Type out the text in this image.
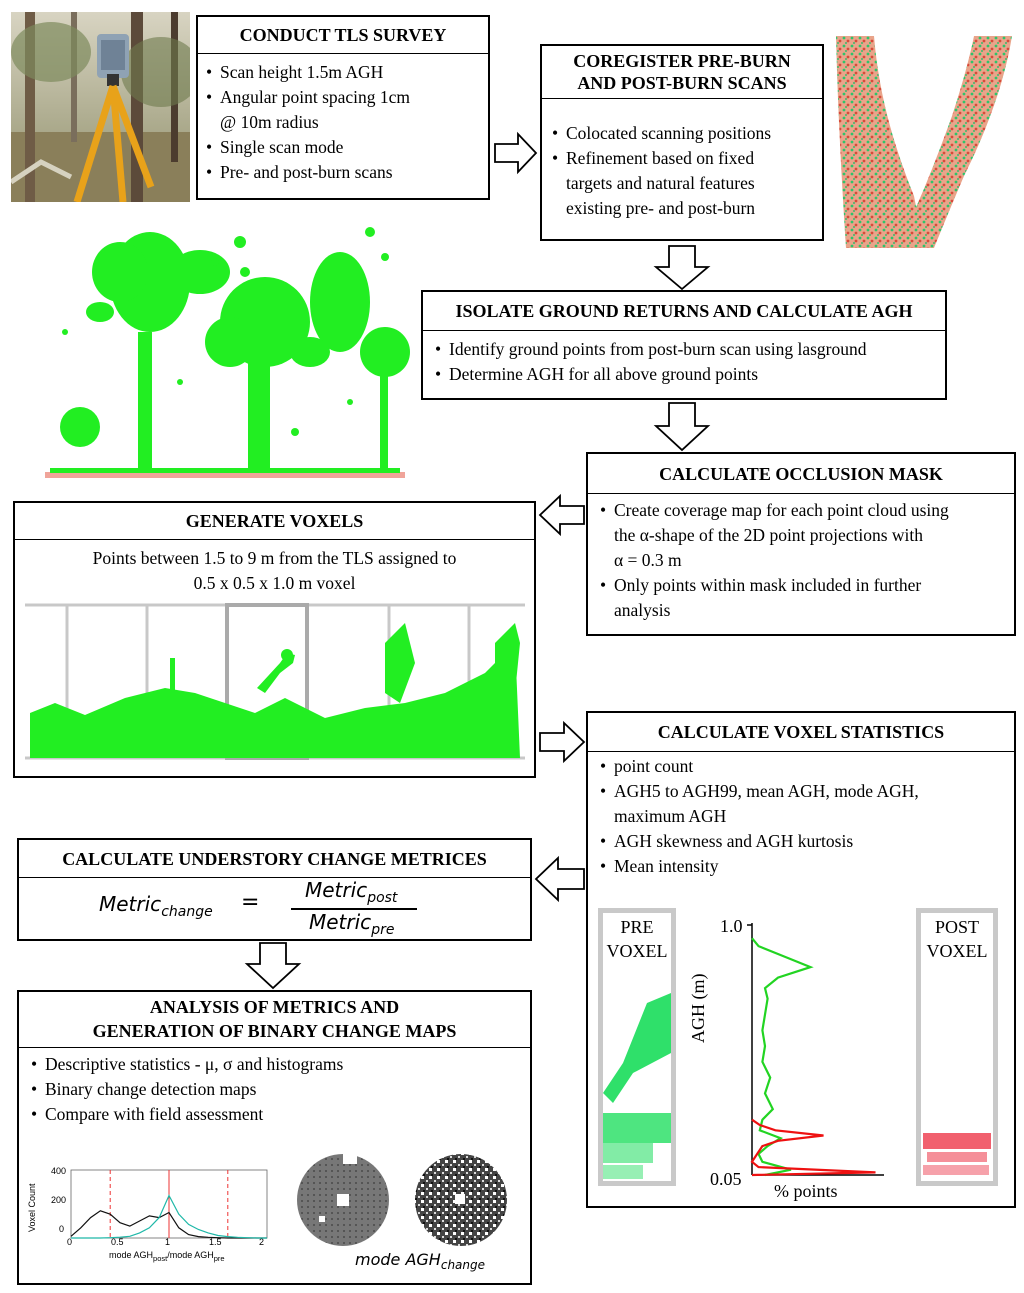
CONDUCT TLS SURVEY
• Scan height 1.5m AGH
• Angular point spacing 1cm
@ 10m radius
• Single scan mode
• Pre- and post-burn scans
COREGISTER PRE-BURN
AND POST-BURN SCANS
• Colocated scanning positions
• Refinement based on fixed
targets and natural features
existing pre- and post-burn
ISOLATE GROUND RETURNS AND CALCULATE AGH
• Identify ground points from post-burn scan using lasground
• Determine AGH for all above ground points
CALCULATE OCCLUSION MASK
• Create coverage map for each point cloud using
the α-shape of the 2D point projections with
α = 0.3 m
• Only points within mask included in further
analysis
GENERATE VOXELS
Points between 1.5 to 9 m from the TLS assigned to
0.5 x 0.5 x 1.0 m voxel
CALCULATE VOXEL STATISTICS
• point count
• AGH5 to AGH99, mean AGH, mode AGH,
maximum AGH
• AGH skewness and AGH kurtosis
• Mean intensity
PRE
VOXEL
POST
VOXEL
1.0
0.05
AGH (m)
% points
CALCULATE UNDERSTORY CHANGE METRICES
Metric$_{change}$ = Metric$_{post}$
Metric$_{pre}$
ANALYSIS OF METRICS AND
GENERATION OF BINARY CHANGE MAPS
• Descriptive statistics - μ, σ and histograms
• Binary change detection maps
• Compare with field assessment
Voxel Count
400
200
0
0	0.5	1	1.5	2
mode $AGH_{post}$/mode $AGH_{pre}$	mode $AGH_{change}$
